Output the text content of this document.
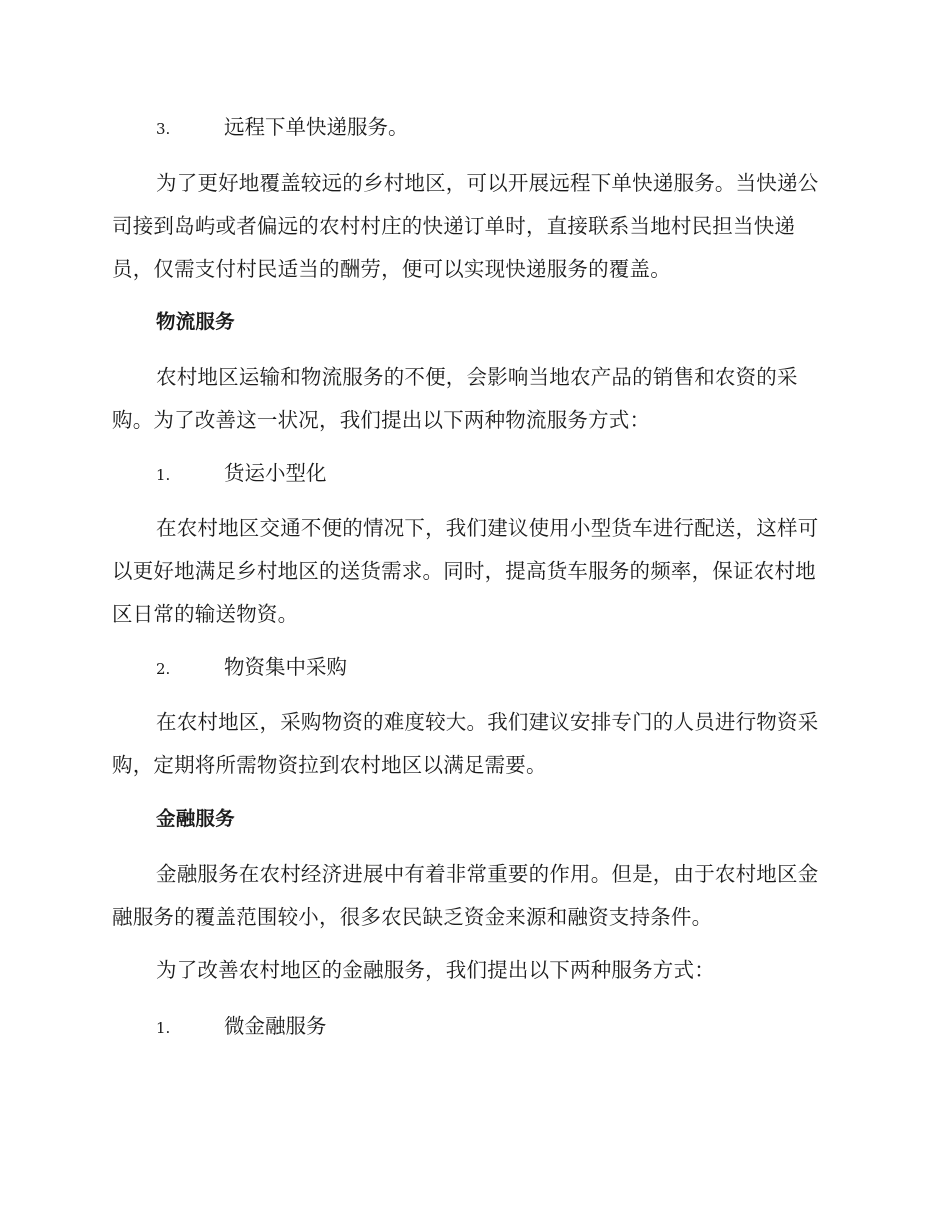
3.	远程下单快递服务。

为了更好地覆盖较远的乡村地区，可以开展远程下单快递服务。当快递公司接到岛屿或者偏远的农村村庄的快递订单时，直接联系当地村民担当快递员，仅需支付村民适当的酬劳，便可以实现快递服务的覆盖。

物流服务

农村地区运输和物流服务的不便，会影响当地农产品的销售和农资的采购。为了改善这一状况，我们提出以下两种物流服务方式：

1.	货运小型化

在农村地区交通不便的情况下，我们建议使用小型货车进行配送，这样可以更好地满足乡村地区的送货需求。同时，提高货车服务的频率，保证农村地区日常的输送物资。

2.	物资集中采购

在农村地区，采购物资的难度较大。我们建议安排专门的人员进行物资采购，定期将所需物资拉到农村地区以满足需要。

金融服务

金融服务在农村经济进展中有着非常重要的作用。但是，由于农村地区金融服务的覆盖范围较小，很多农民缺乏资金来源和融资支持条件。

为了改善农村地区的金融服务，我们提出以下两种服务方式：

1.	微金融服务
